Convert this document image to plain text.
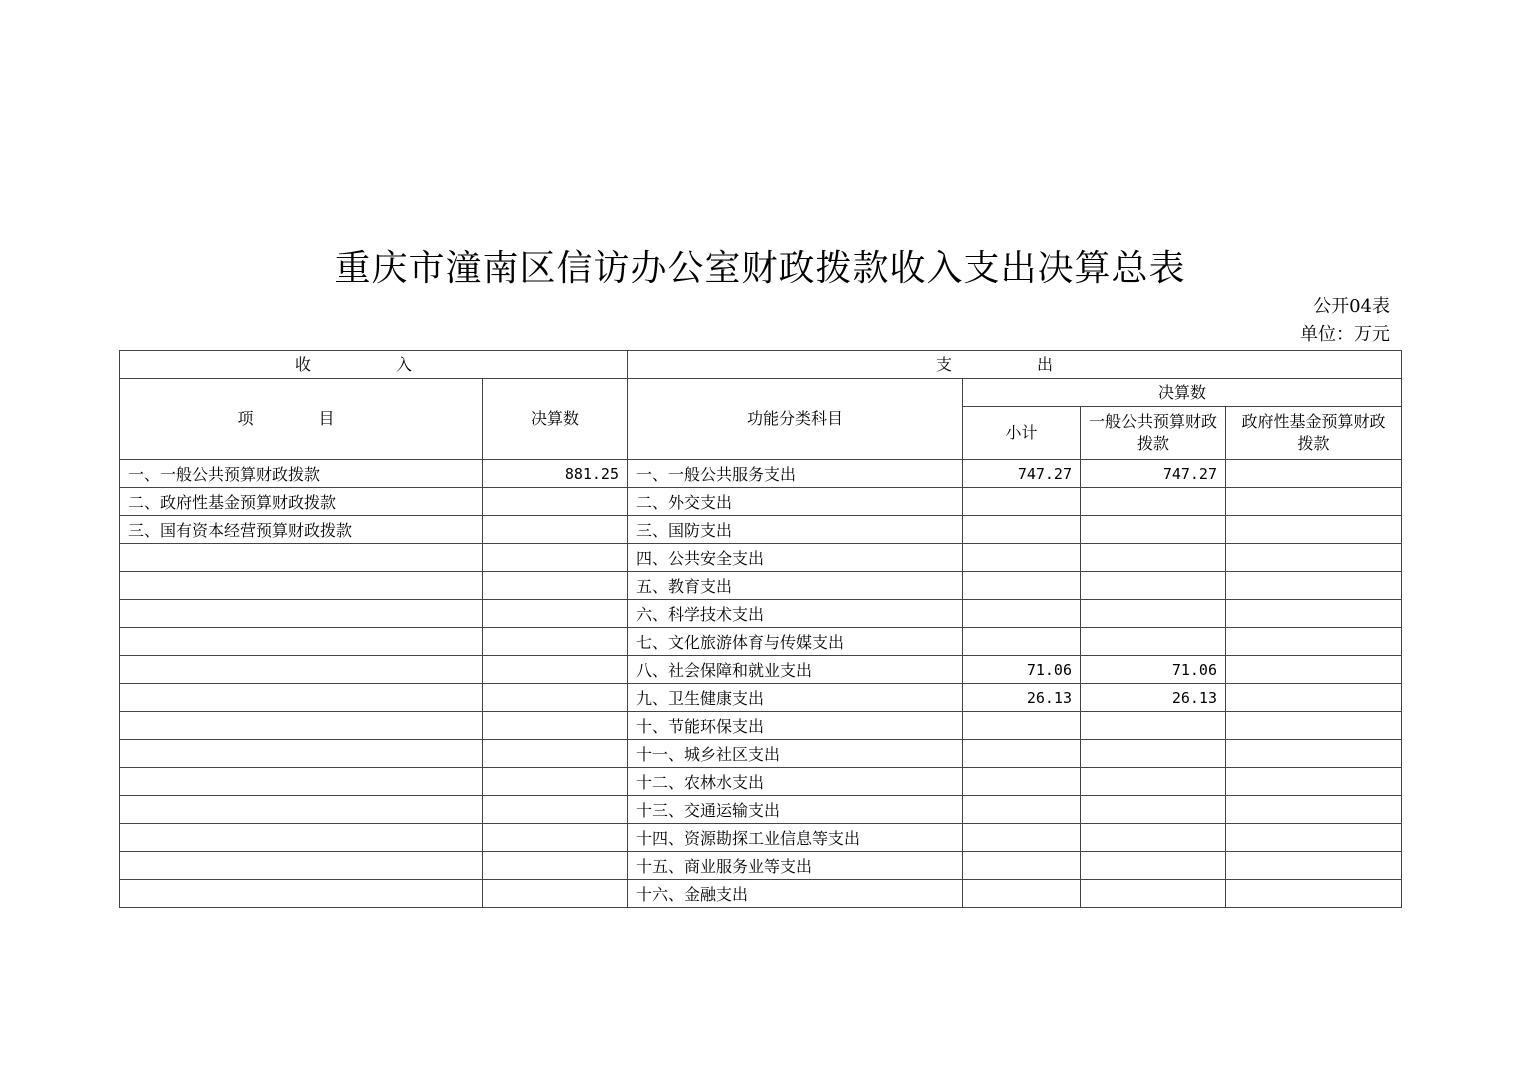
重庆市潼南区信访办公室财政拨款收入支出决算总表
公开04表
单位：万元
收 入		支 出			
项 目	决算数	功能分类科目	决算数		
			小计	一般公共预算财政拨款	政府性基金预算财政拨款
一、一般公共预算财政拨款	881.25	一、一般公共服务支出	747.27	747.27	
二、政府性基金预算财政拨款		二、外交支出			
三、国有资本经营预算财政拨款		三、国防支出			
		四、公共安全支出			
		五、教育支出			
		六、科学技术支出			
		七、文化旅游体育与传媒支出			
		八、社会保障和就业支出	71.06	71.06	
		九、卫生健康支出	26.13	26.13	
		十、节能环保支出			
		十一、城乡社区支出			
		十二、农林水支出			
		十三、交通运输支出			
		十四、资源勘探工业信息等支出			
		十五、商业服务业等支出			
		十六、金融支出			
